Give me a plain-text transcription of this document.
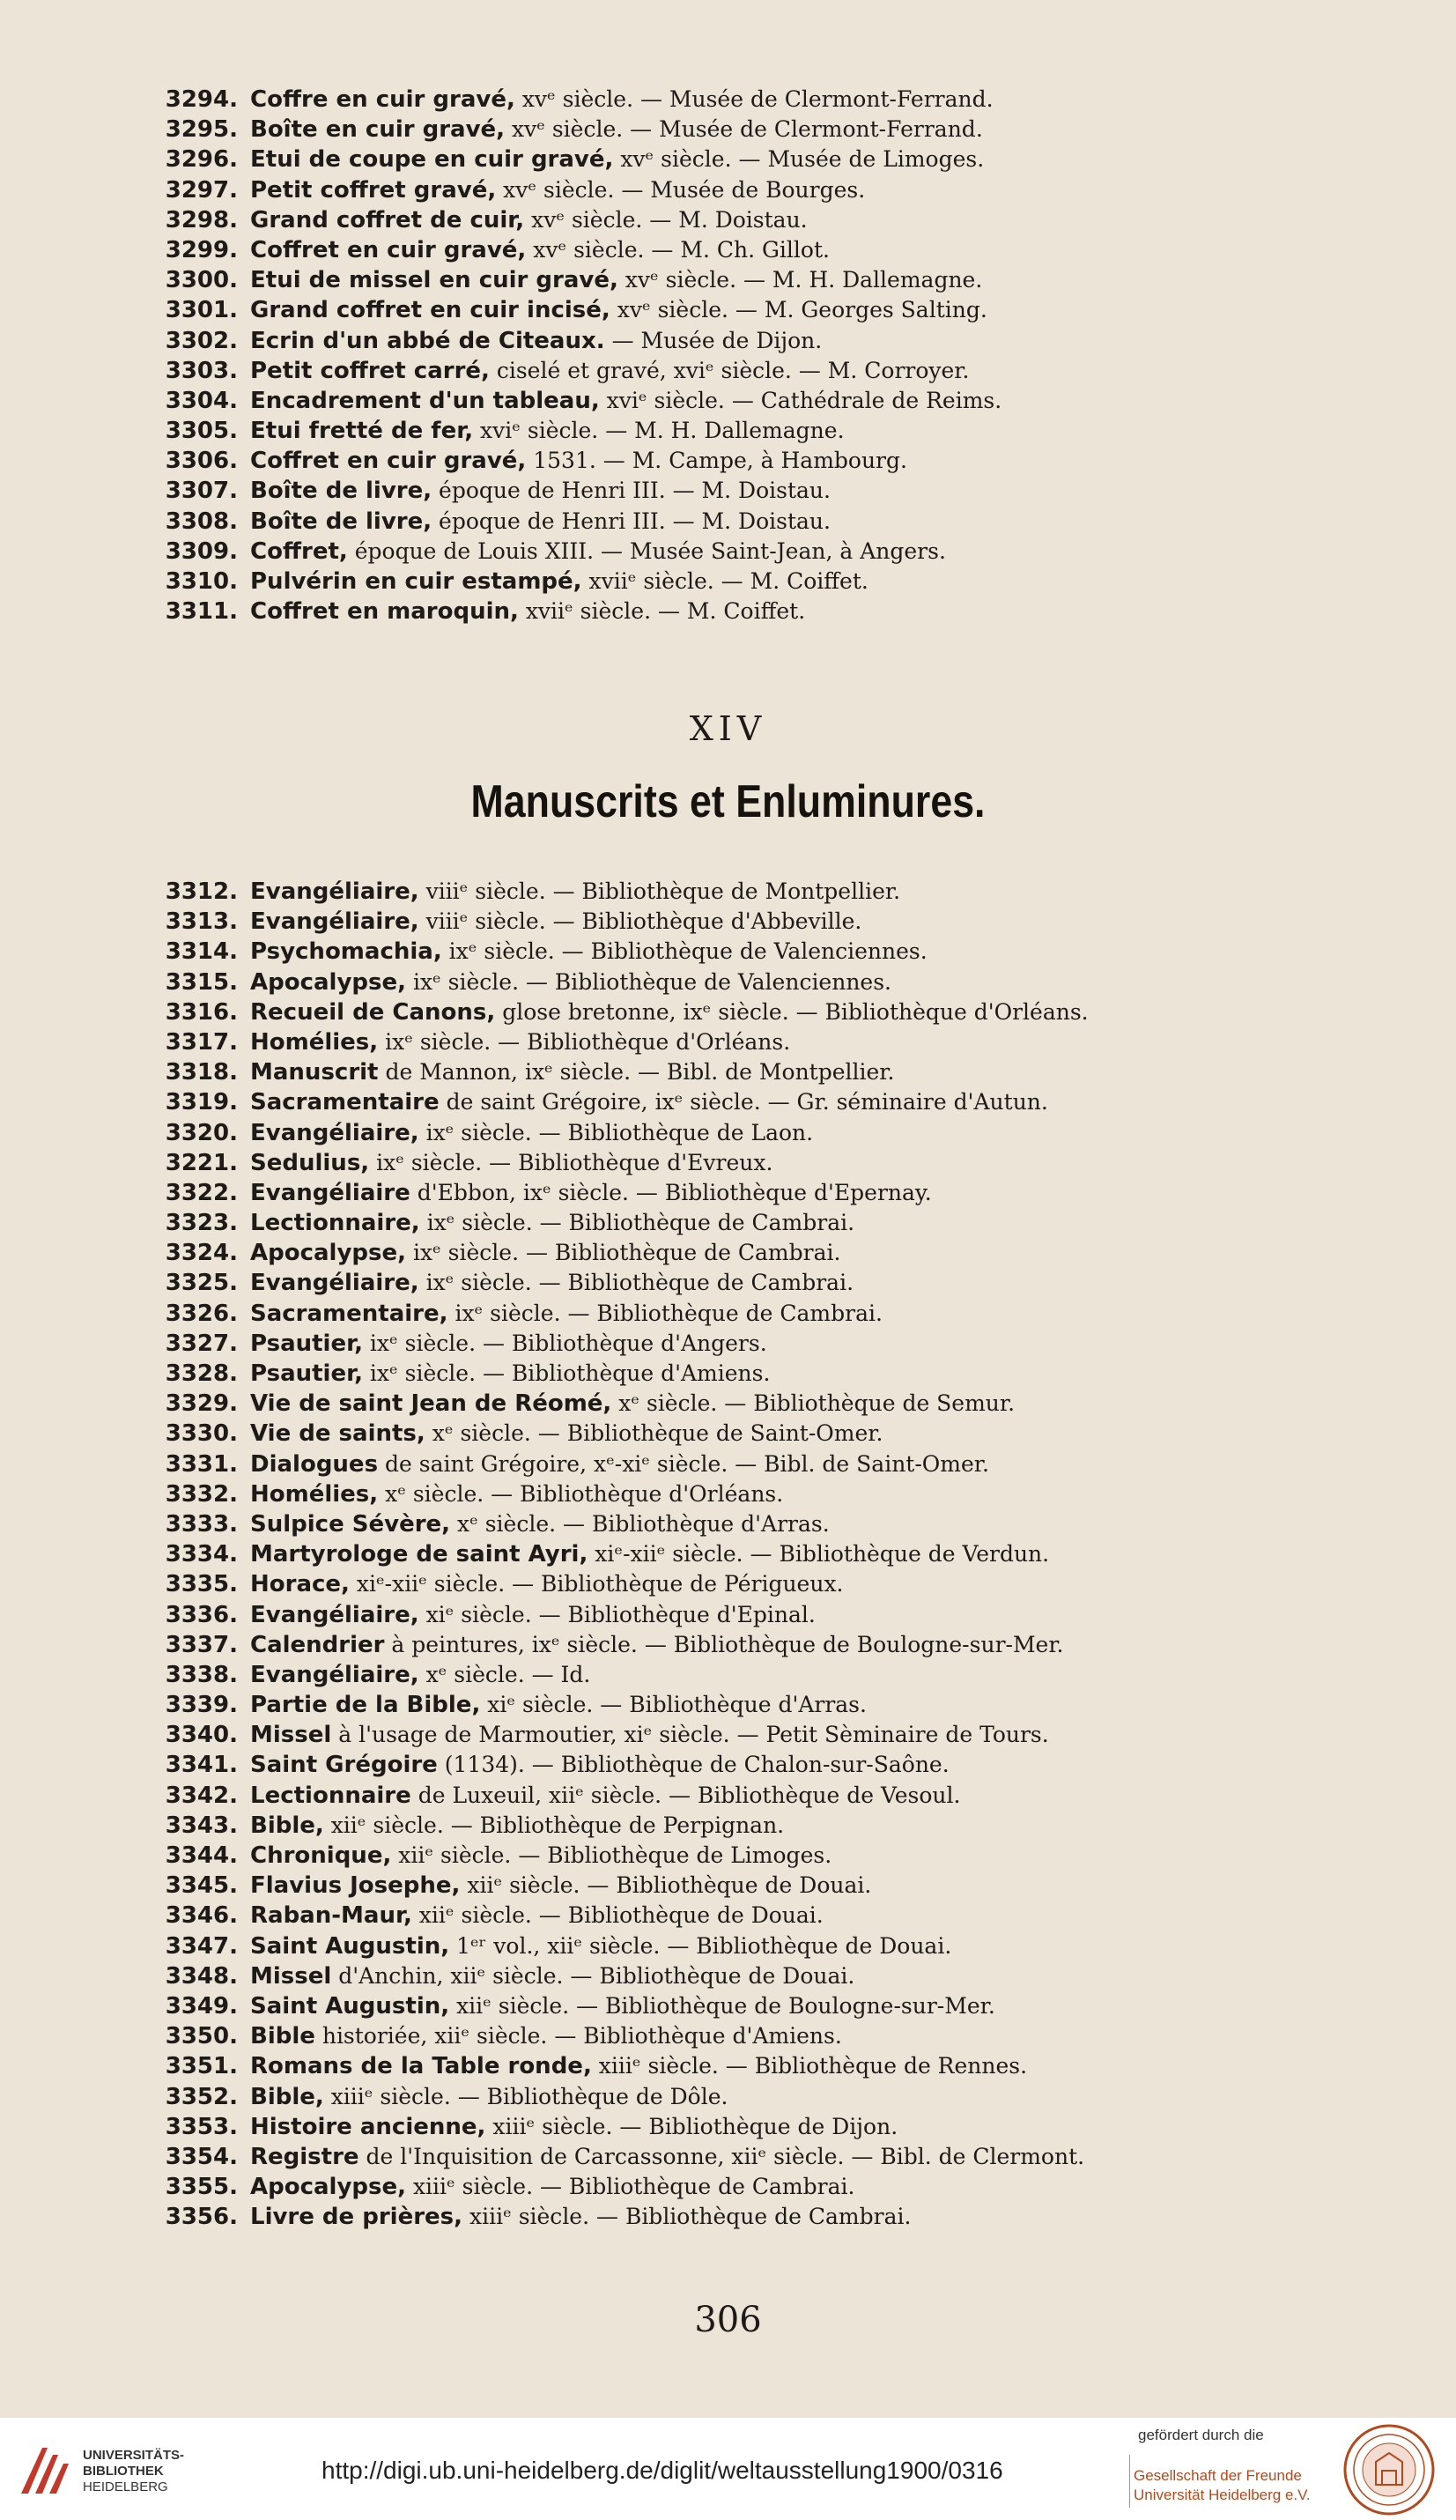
3294. Coffre en cuir gravé, xvᵉ siècle. — Musée de Clermont-Ferrand.
3295. Boîte en cuir gravé, xvᵉ siècle. — Musée de Clermont-Ferrand.
3296. Etui de coupe en cuir gravé, xvᵉ siècle. — Musée de Limoges.
3297. Petit coffret gravé, xvᵉ siècle. — Musée de Bourges.
3298. Grand coffret de cuir, xvᵉ siècle. — M. Doistau.
3299. Coffret en cuir gravé, xvᵉ siècle. — M. Ch. Gillot.
3300. Etui de missel en cuir gravé, xvᵉ siècle. — M. H. Dallemagne.
3301. Grand coffret en cuir incisé, xvᵉ siècle. — M. Georges Salting.
3302. Ecrin d'un abbé de Citeaux. — Musée de Dijon.
3303. Petit coffret carré, ciselé et gravé, xviᵉ siècle. — M. Corroyer.
3304. Encadrement d'un tableau, xviᵉ siècle. — Cathédrale de Reims.
3305. Etui fretté de fer, xviᵉ siècle. — M. H. Dallemagne.
3306. Coffret en cuir gravé, 1531. — M. Campe, à Hambourg.
3307. Boîte de livre, époque de Henri III. — M. Doistau.
3308. Boîte de livre, époque de Henri III. — M. Doistau.
3309. Coffret, époque de Louis XIII. — Musée Saint-Jean, à Angers.
3310. Pulvérin en cuir estampé, xviiᵉ siècle. — M. Coiffet.
3311. Coffret en maroquin, xviiᵉ siècle. — M. Coiffet.
XIV
Manuscrits et Enluminures.
3312. Evangéliaire, viiiᵉ siècle. — Bibliothèque de Montpellier.
3313. Evangéliaire, viiiᵉ siècle. — Bibliothèque d'Abbeville.
3314. Psychomachia, ixᵉ siècle. — Bibliothèque de Valenciennes.
3315. Apocalypse, ixᵉ siècle. — Bibliothèque de Valenciennes.
3316. Recueil de Canons, glose bretonne, ixᵉ siècle. — Bibliothèque d'Orléans.
3317. Homélies, ixᵉ siècle. — Bibliothèque d'Orléans.
3318. Manuscrit de Mannon, ixᵉ siècle. — Bibl. de Montpellier.
3319. Sacramentaire de saint Grégoire, ixᵉ siècle. — Gr. séminaire d'Autun.
3320. Evangéliaire, ixᵉ siècle. — Bibliothèque de Laon.
3221. Sedulius, ixᵉ siècle. — Bibliothèque d'Evreux.
3322. Evangéliaire d'Ebbon, ixᵉ siècle. — Bibliothèque d'Epernay.
3323. Lectionnaire, ixᵉ siècle. — Bibliothèque de Cambrai.
3324. Apocalypse, ixᵉ siècle. — Bibliothèque de Cambrai.
3325. Evangéliaire, ixᵉ siècle. — Bibliothèque de Cambrai.
3326. Sacramentaire, ixᵉ siècle. — Bibliothèque de Cambrai.
3327. Psautier, ixᵉ siècle. — Bibliothèque d'Angers.
3328. Psautier, ixᵉ siècle. — Bibliothèque d'Amiens.
3329. Vie de saint Jean de Réomé, xᵉ siècle. — Bibliothèque de Semur.
3330. Vie de saints, xᵉ siècle. — Bibliothèque de Saint-Omer.
3331. Dialogues de saint Grégoire, xᵉ-xiᵉ siècle. — Bibl. de Saint-Omer.
3332. Homélies, xᵉ siècle. — Bibliothèque d'Orléans.
3333. Sulpice Sévère, xᵉ siècle. — Bibliothèque d'Arras.
3334. Martyrologe de saint Ayri, xiᵉ-xiiᵉ siècle. — Bibliothèque de Verdun.
3335. Horace, xiᵉ-xiiᵉ siècle. — Bibliothèque de Périgueux.
3336. Evangéliaire, xiᵉ siècle. — Bibliothèque d'Epinal.
3337. Calendrier à peintures, ixᵉ siècle. — Bibliothèque de Boulogne-sur-Mer.
3338. Evangéliaire, xᵉ siècle. — Id.
3339. Partie de la Bible, xiᵉ siècle. — Bibliothèque d'Arras.
3340. Missel à l'usage de Marmoutier, xiᵉ siècle. — Petit Sèminaire de Tours.
3341. Saint Grégoire (1134). — Bibliothèque de Chalon-sur-Saône.
3342. Lectionnaire de Luxeuil, xiiᵉ siècle. — Bibliothèque de Vesoul.
3343. Bible, xiiᵉ siècle. — Bibliothèque de Perpignan.
3344. Chronique, xiiᵉ siècle. — Bibliothèque de Limoges.
3345. Flavius Josephe, xiiᵉ siècle. — Bibliothèque de Douai.
3346. Raban-Maur, xiiᵉ siècle. — Bibliothèque de Douai.
3347. Saint Augustin, 1ᵉʳ vol., xiiᵉ siècle. — Bibliothèque de Douai.
3348. Missel d'Anchin, xiiᵉ siècle. — Bibliothèque de Douai.
3349. Saint Augustin, xiiᵉ siècle. — Bibliothèque de Boulogne-sur-Mer.
3350. Bible historiée, xiiᵉ siècle. — Bibliothèque d'Amiens.
3351. Romans de la Table ronde, xiiiᵉ siècle. — Bibliothèque de Rennes.
3352. Bible, xiiiᵉ siècle. — Bibliothèque de Dôle.
3353. Histoire ancienne, xiiiᵉ siècle. — Bibliothèque de Dijon.
3354. Registre de l'Inquisition de Carcassonne, xiiᵉ siècle. — Bibl. de Clermont.
3355. Apocalypse, xiiiᵉ siècle. — Bibliothèque de Cambrai.
3356. Livre de prières, xiiiᵉ siècle. — Bibliothèque de Cambrai.
306
UNIVERSITÄTS-
BIBLIOTHEK
HEIDELBERG
http://digi.ub.uni-heidelberg.de/diglit/weltausstellung1900/0316
gefördert durch die
Gesellschaft der Freunde
Universität Heidelberg e.V.
